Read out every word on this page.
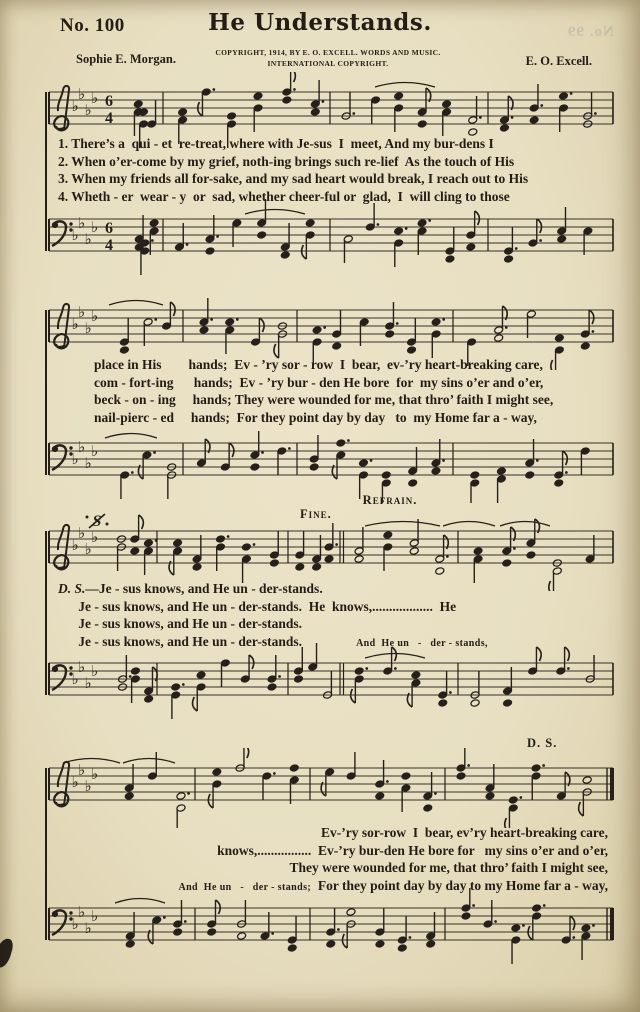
No. 99
No. 100	He Understands.
Sophie E. Morgan.	COPYRIGHT, 1914, BY E. O. EXCELL. WORDS AND MUSIC.
INTERNATIONAL COPYRIGHT.	E. O. Excell.
♭
♭
♭
♭ 6
4
♭
♭
♭
♭ 6
4
♭
♭
♭
♭
♭
♭
♭
♭
♭
♭
♭
♭
S
♭
♭
♭
♭
♭
♭
♭
♭
♭
♭
♭
♭
1. There’s a  qui - et  re-treat, where with Je-sus  I  meet, And my bur-dens I
2. When o’er-come by my grief, noth-ing brings such re-lief  As the touch of His
3. When my friends all for-sake, and my sad heart would break, I reach out to His
4. Wheth - er  wear - y  or  sad, whether cheer-ful or  glad,  I  will cling to those
place in His        hands;  Ev - ’ry sor - row  I  bear,  ev-’ry heart-breaking care,
com - fort-ing      hands;  Ev - ’ry bur - den He bore  for  my sins o’er and o’er,
beck - on - ing     hands; They were wounded for me, that thro’ faith I might see,
nail-pierc - ed     hands;  For they point day by day   to  my Home far a - way,
Refrain.
Fine.
D. S.—Je - sus knows, and He un - der-stands.
Je - sus knows, and He un - der-stands.  He  knows,..................  He
Je - sus knows, and He un - der-stands.
Je - sus knows, and He un - der-stands.	And  He un   -   der - stands,
D. S.
Ev-’ry sor-row  I  bear, ev’ry heart-breaking care,
knows,................  Ev-’ry bur-den He bore for   my sins o’er and o’er,
They were wounded for me, that thro’ faith I might see,
And  He un   -   der - stands;  For they point day by day to my Home far a - way,
